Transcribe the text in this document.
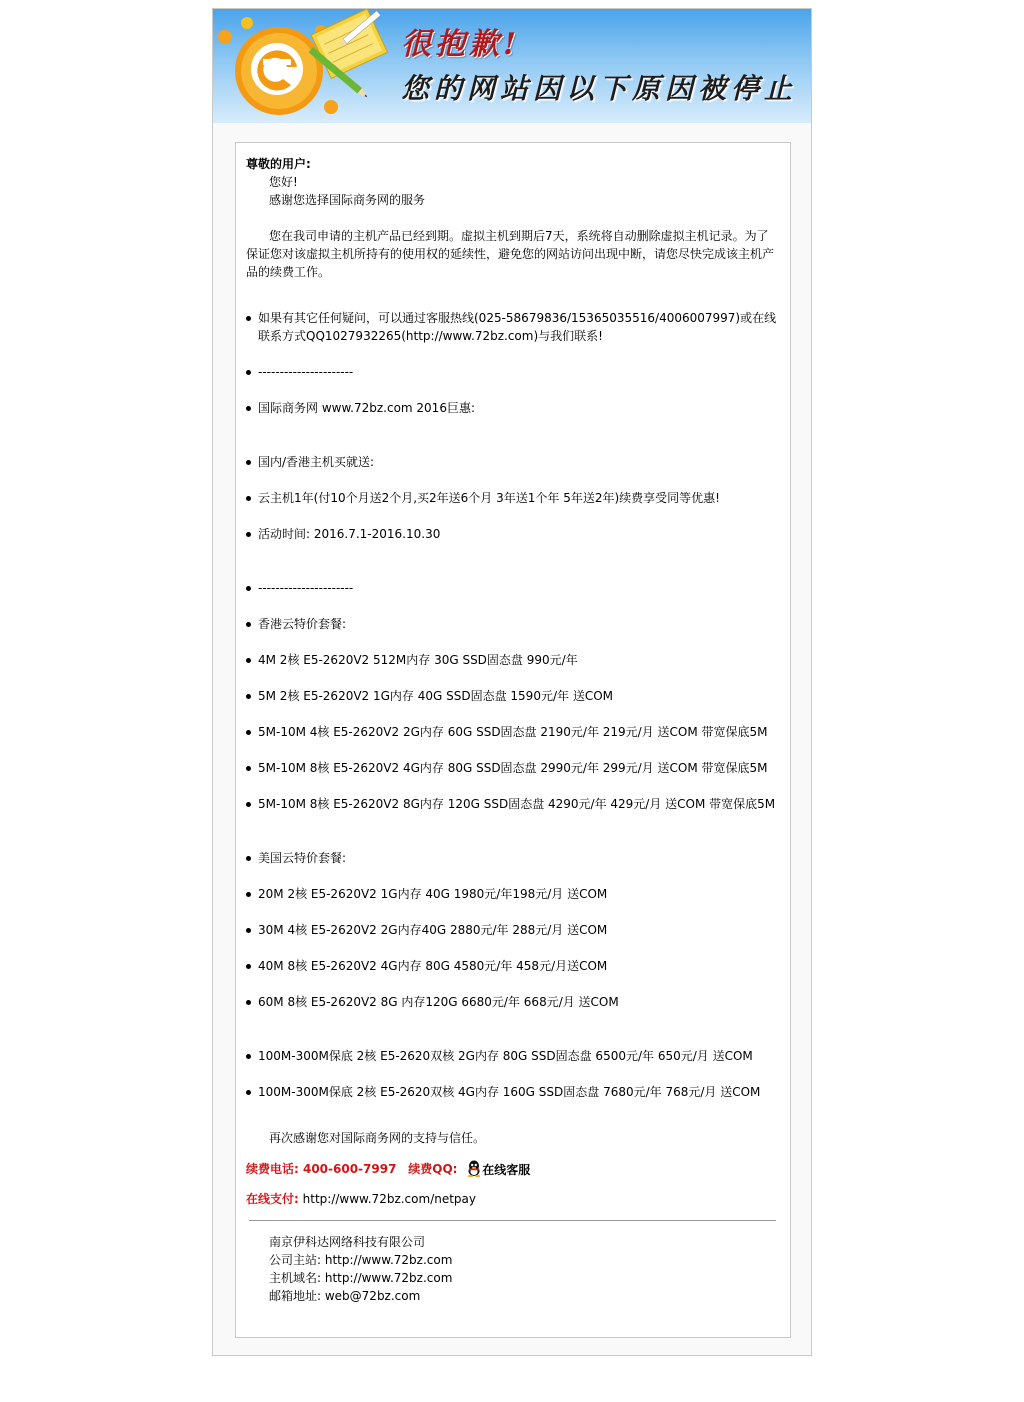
很抱歉!
您的网站因以下原因被停止
尊敬的用户:
您好!
感谢您选择国际商务网的服务
您在我司申请的主机产品已经到期。虚拟主机到期后7天，系统将自动删除虚拟主机记录。为了保证您对该虚拟主机所持有的使用权的延续性，避免您的网站访问出现中断，请您尽快完成该主机产品的续费工作。
如果有其它任何疑问，可以通过客服热线(025-58679836/15365035516/4006007997)或在线联系方式QQ1027932265(http://www.72bz.com)与我们联系!
----------------------
国际商务网 www.72bz.com 2016巨惠:
国内/香港主机买就送:
云主机1年(付10个月送2个月,买2年送6个月 3年送1个年 5年送2年)续费享受同等优惠!
活动时间: 2016.7.1-2016.10.30
----------------------
香港云特价套餐:
4M 2核 E5-2620V2 512M内存 30G SSD固态盘 990元/年
5M 2核 E5-2620V2 1G内存 40G SSD固态盘 1590元/年 送COM
5M-10M 4核 E5-2620V2 2G内存 60G SSD固态盘 2190元/年 219元/月 送COM 带宽保底5M
5M-10M 8核 E5-2620V2 4G内存 80G SSD固态盘 2990元/年 299元/月 送COM 带宽保底5M
5M-10M 8核 E5-2620V2 8G内存 120G SSD固态盘 4290元/年 429元/月 送COM 带宽保底5M
美国云特价套餐:
20M 2核 E5-2620V2 1G内存 40G 1980元/年198元/月 送COM
30M 4核 E5-2620V2 2G内存40G 2880元/年 288元/月 送COM
40M 8核 E5-2620V2 4G内存 80G 4580元/年 458元/月送COM
60M 8核 E5-2620V2 8G 内存120G 6680元/年 668元/月 送COM
100M-300M保底 2核 E5-2620双核 2G内存 80G SSD固态盘 6500元/年 650元/月 送COM
100M-300M保底 2核 E5-2620双核 4G内存 160G SSD固态盘 7680元/年 768元/月 送COM
再次感谢您对国际商务网的支持与信任。
续费电话: 400-600-7997 续费QQ: 在线客服
在线支付: http://www.72bz.com/netpay
南京伊科达网络科技有限公司
公司主站: http://www.72bz.com
主机域名: http://www.72bz.com
邮箱地址: web@72bz.com
